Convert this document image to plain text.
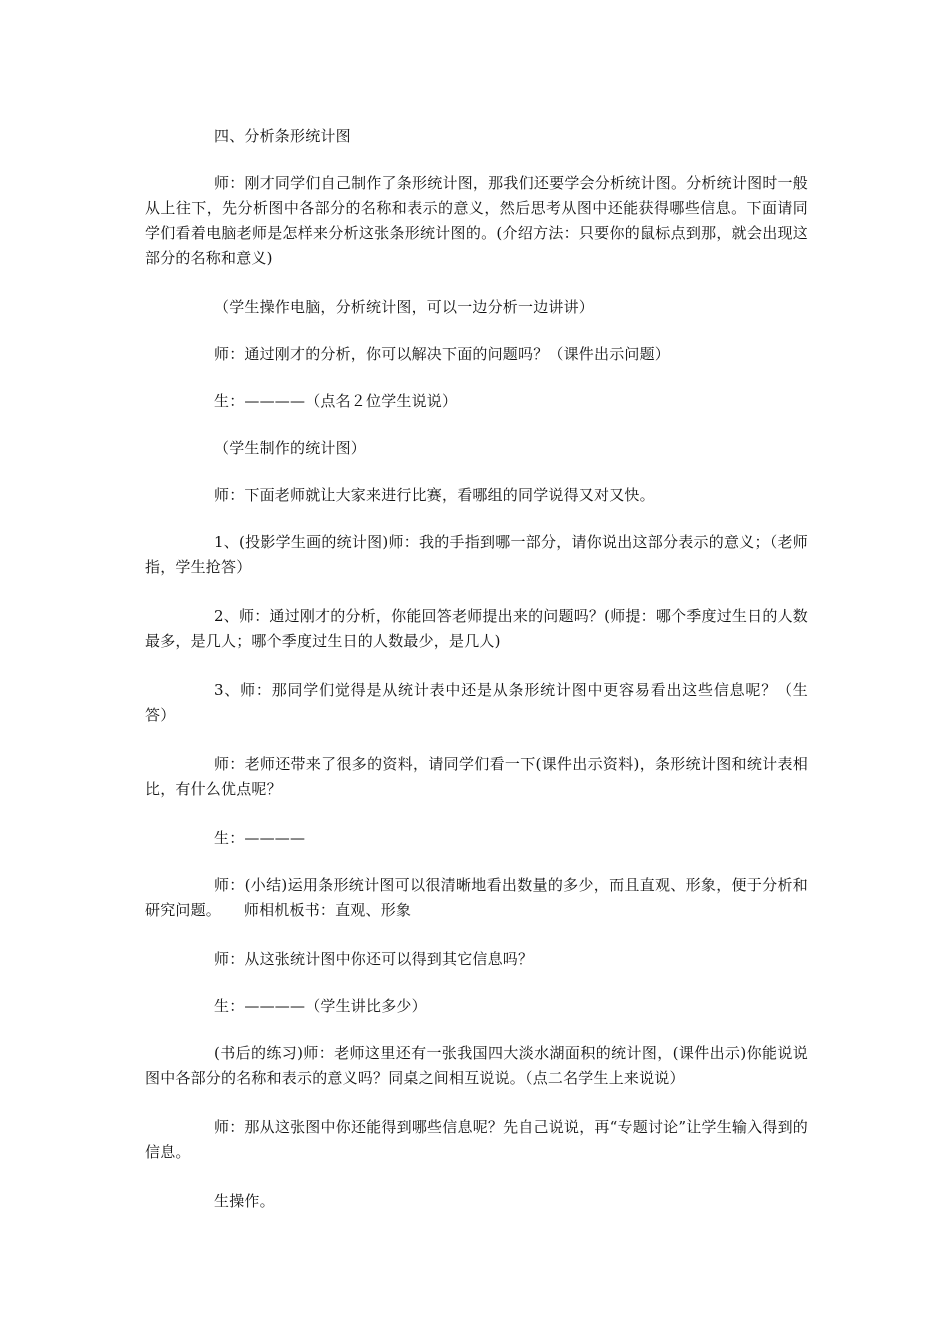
四、分析条形统计图

师：刚才同学们自己制作了条形统计图，那我们还要学会分析统计图。分析统计图时一般从上往下，先分析图中各部分的名称和表示的意义，然后思考从图中还能获得哪些信息。下面请同学们看着电脑老师是怎样来分析这张条形统计图的。(介绍方法：只要你的鼠标点到那，就会出现这部分的名称和意义)

（学生操作电脑，分析统计图，可以一边分析一边讲讲）

师：通过刚才的分析，你可以解决下面的问题吗？（课件出示问题）

生：————（点名２位学生说说）

（学生制作的统计图）

师：下面老师就让大家来进行比赛，看哪组的同学说得又对又快。

1、(投影学生画的统计图)师：我的手指到哪一部分，请你说出这部分表示的意义；（老师指，学生抢答）

2、师：通过刚才的分析，你能回答老师提出来的问题吗？(师提：哪个季度过生日的人数最多，是几人；哪个季度过生日的人数最少，是几人)

3、师：那同学们觉得是从统计表中还是从条形统计图中更容易看出这些信息呢？（生答）

师：老师还带来了很多的资料，请同学们看一下(课件出示资料)，条形统计图和统计表相比，有什么优点呢？

生：————

师：(小结)运用条形统计图可以很清晰地看出数量的多少，而且直观、形象，便于分析和研究问题。　　师相机板书：直观、形象

师：从这张统计图中你还可以得到其它信息吗？

生：————（学生讲比多少）

(书后的练习)师：老师这里还有一张我国四大淡水湖面积的统计图，(课件出示)你能说说图中各部分的名称和表示的意义吗？同桌之间相互说说。（点二名学生上来说说）

师：那从这张图中你还能得到哪些信息呢？先自己说说，再“专题讨论”让学生输入得到的信息。

生操作。
